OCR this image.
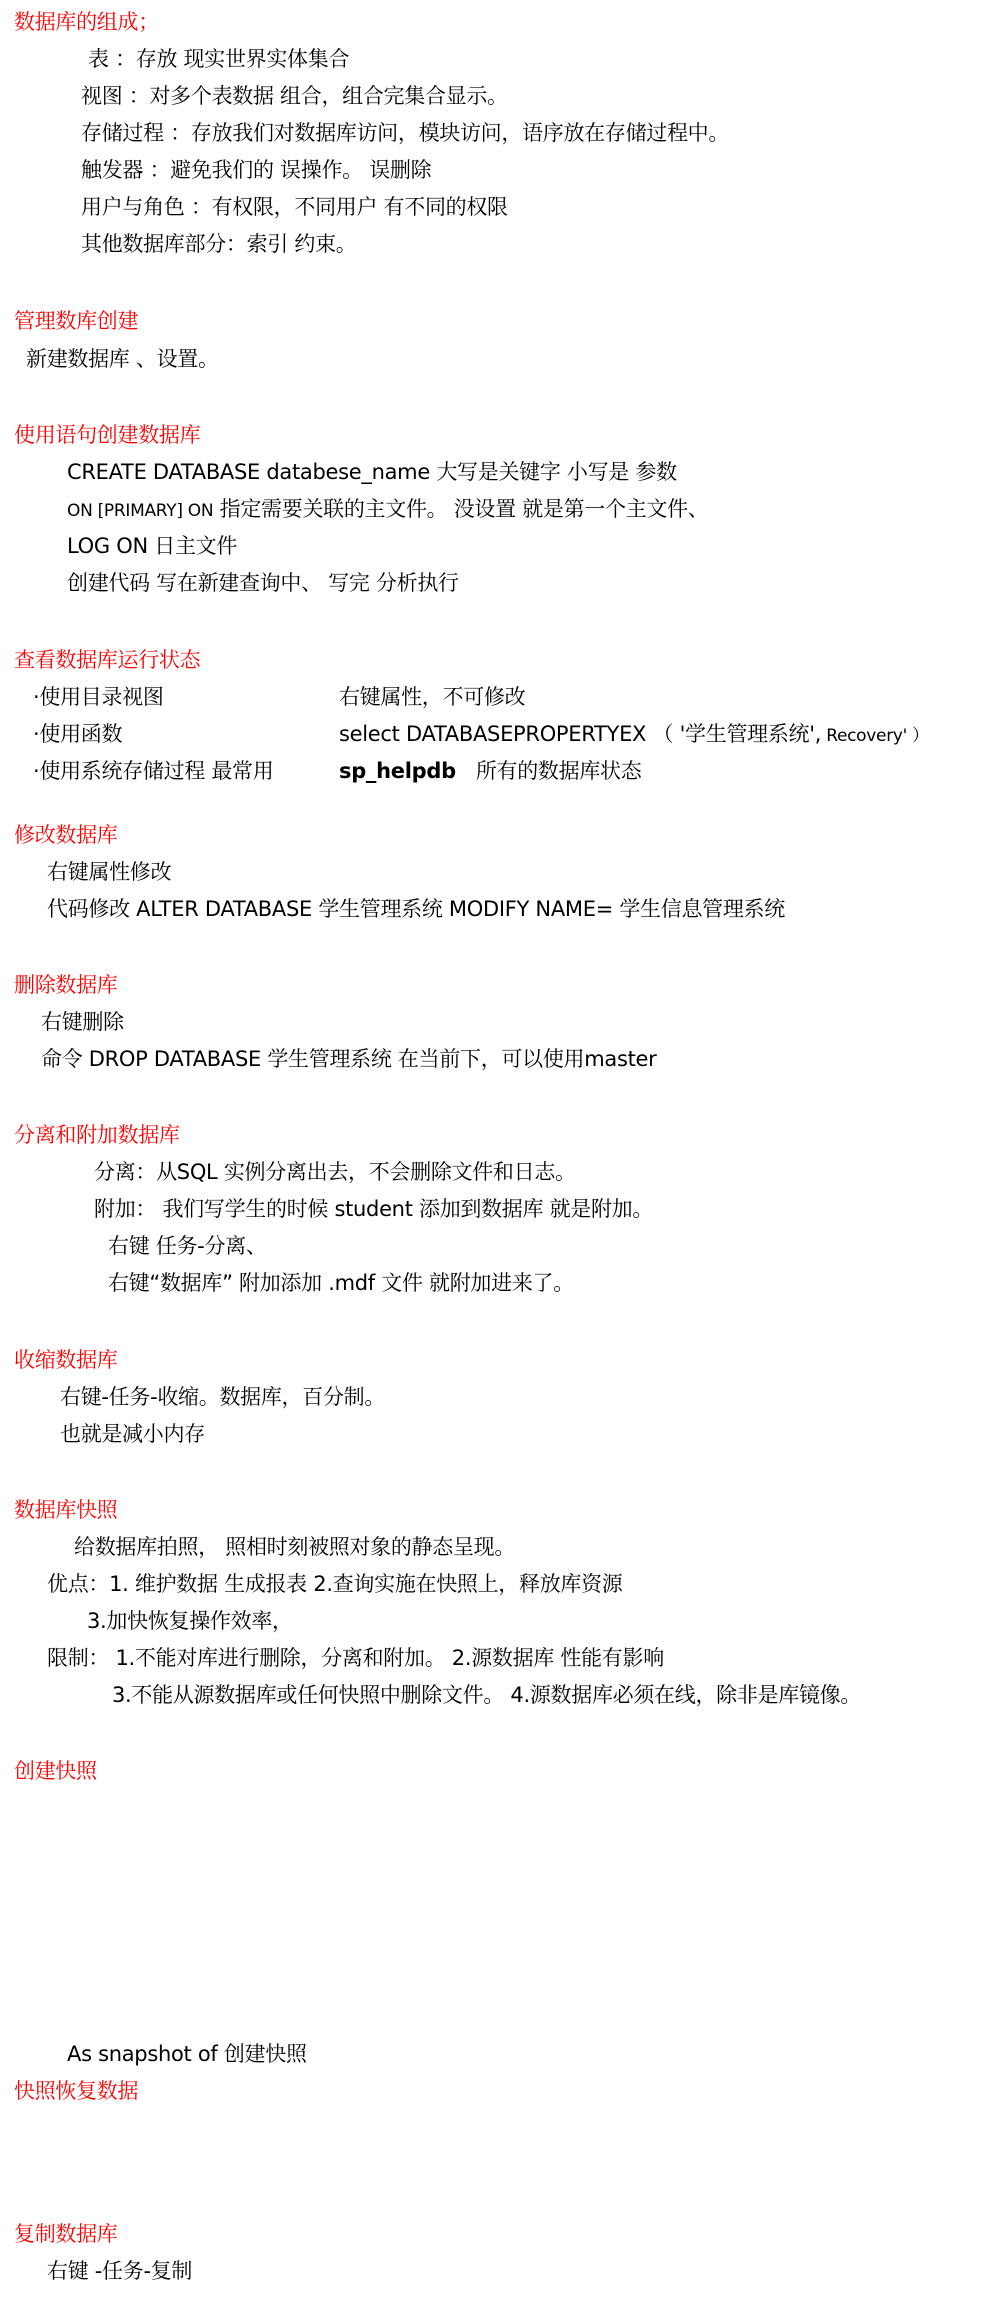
数据库的组成；
表 ：存放 现实世界实体集合
视图 ：对多个表数据 组合，组合完集合显示。
存储过程 ：存放我们对数据库访问，模块访问，语序放在存储过程中。
触发器 ：避免我们的 误操作。 误删除
用户与角色 ：有权限，不同用户 有不同的权限
其他数据库部分：索引 约束。
管理数库创建
新建数据库 、设置。
使用语句创建数据库
CREATE DATABASE databese_name 大写是关键字 小写是 参数
ON [PRIMARY] ON 指定需要关联的主文件。 没设置 就是第一个主文件、
LOG ON 日主文件
创建代码 写在新建查询中、 写完 分析执行
查看数据库运行状态
·使用目录视图	右键属性，不可修改
·使用函数	select DATABASEPROPERTYEX （ '学生管理系统', Recovery' ）
·使用系统存储过程 最常用	sp_helpdb 所有的数据库状态
修改数据库
右键属性修改
代码修改 ALTER DATABASE 学生管理系统 MODIFY NAME= 学生信息管理系统
删除数据库
右键删除
命令 DROP DATABASE 学生管理系统 在当前下，可以使用master
分离和附加数据库
分离：从SQL 实例分离出去，不会删除文件和日志。
附加： 我们写学生的时候 student 添加到数据库 就是附加。
右键 任务-分离、
右键“数据库” 附加添加 .mdf 文件 就附加进来了。
收缩数据库
右键-任务-收缩。数据库，百分制。
也就是减小内存
数据库快照
给数据库拍照， 照相时刻被照对象的静态呈现。
优点：1. 维护数据 生成报表 2.查询实施在快照上，释放库资源
3.加快恢复操作效率，
限制： 1.不能对库进行删除，分离和附加。 2.源数据库 性能有影响
3.不能从源数据库或任何快照中删除文件。 4.源数据库必须在线，除非是库镜像。
创建快照
As snapshot of 创建快照
快照恢复数据
复制数据库
右键 -任务-复制
